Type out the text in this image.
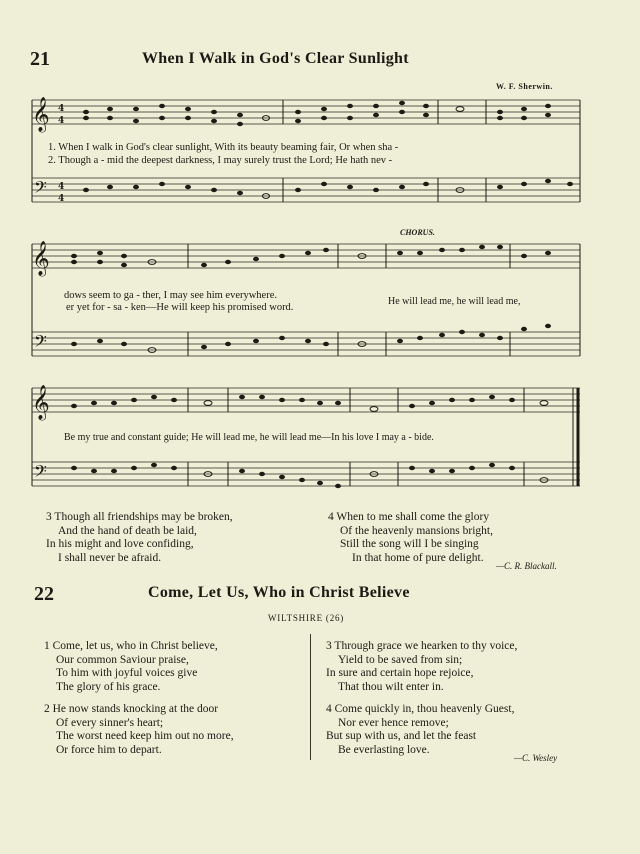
21	When I Walk in God's Clear Sunlight
W. F. Sherwin.
𝄞 4
4
𝄢 4
4
1. When I walk in God's clear sunlight, With its beauty beaming fair, Or when sha -
2. Though a - mid the deepest darkness, I may surely trust the Lord; He hath nev -
CHORUS.
𝄞
𝄢
dows seem to ga - ther, I may see him everywhere.
er yet for - sa - ken—He will keep his promised word.
He will lead me, he will lead me,
𝄞
𝄢
Be my true and constant guide; He will lead me, he will lead me—In his love I may a - bide.
3 Though all friendships may be broken,
And the hand of death be laid,
In his might and love confiding,
I shall never be afraid.
4 When to me shall come the glory
Of the heavenly mansions bright,
Still the song will I be singing
In that home of pure delight.
—C. R. Blackall.
22	Come, Let Us, Who in Christ Believe
WILTSHIRE (26)
1 Come, let us, who in Christ believe,
Our common Saviour praise,
To him with joyful voices give
The glory of his grace.
2 He now stands knocking at the door
Of every sinner's heart;
The worst need keep him out no more,
Or force him to depart.
3 Through grace we hearken to thy voice,
Yield to be saved from sin;
In sure and certain hope rejoice,
That thou wilt enter in.
4 Come quickly in, thou heavenly Guest,
Nor ever hence remove;
But sup with us, and let the feast
Be everlasting love.
—C. Wesley
